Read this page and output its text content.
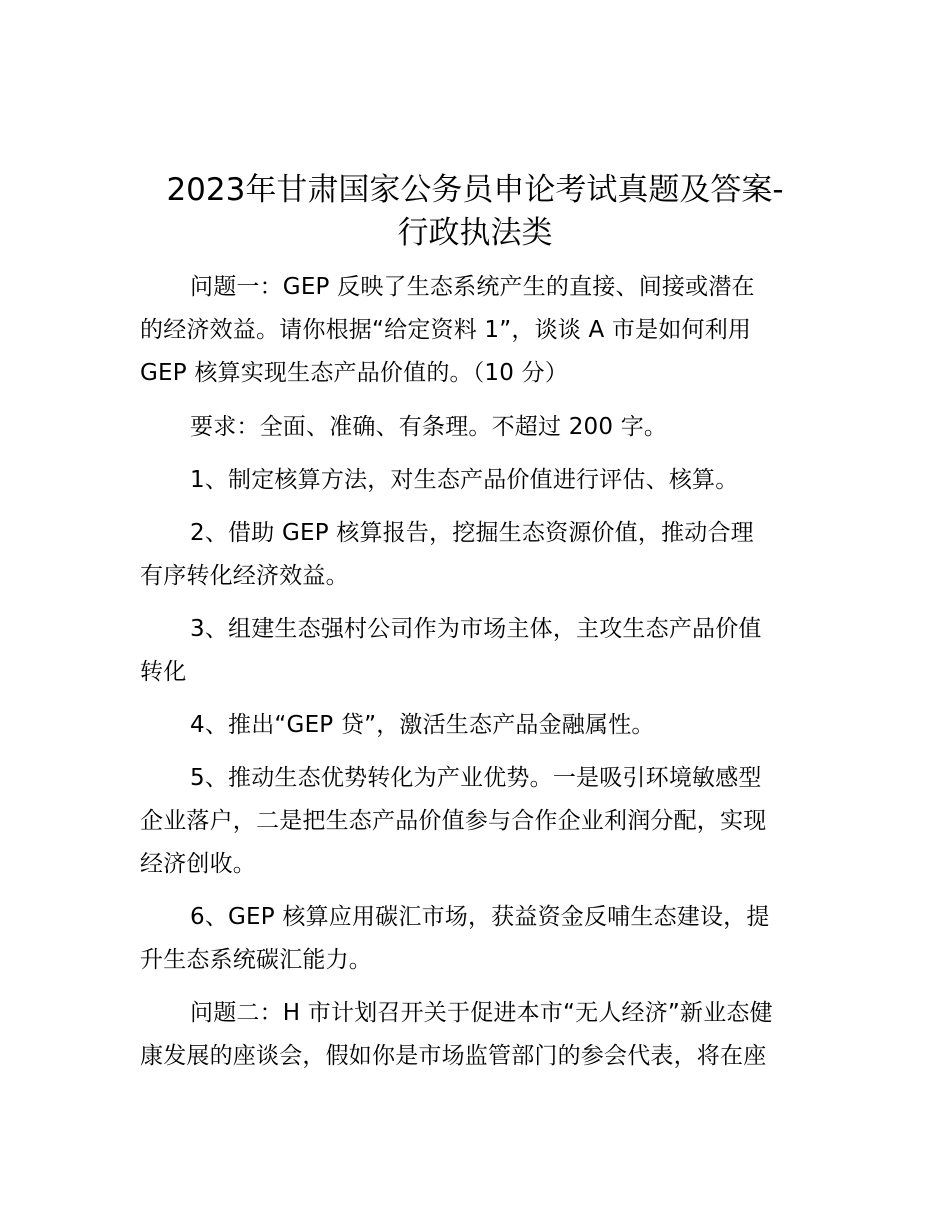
2023年甘肃国家公务员申论考试真题及答案-
行政执法类
问题一：GEP 反映了生态系统产生的直接、间接或潜在
的经济效益。请你根据“给定资料 1”，谈谈 A 市是如何利用
GEP 核算实现生态产品价值的。（10 分）
要求：全面、准确、有条理。不超过 200 字。
1、制定核算方法，对生态产品价值进行评估、核算。
2、借助 GEP 核算报告，挖掘生态资源价值，推动合理
有序转化经济效益。
3、组建生态强村公司作为市场主体，主攻生态产品价值
转化
4、推出“GEP 贷”，激活生态产品金融属性。
5、推动生态优势转化为产业优势。一是吸引环境敏感型
企业落户，二是把生态产品价值参与合作企业利润分配，实现
经济创收。
6、GEP 核算应用碳汇市场，获益资金反哺生态建设，提
升生态系统碳汇能力。
问题二：H 市计划召开关于促进本市“无人经济”新业态健
康发展的座谈会，假如你是市场监管部门的参会代表，将在座
